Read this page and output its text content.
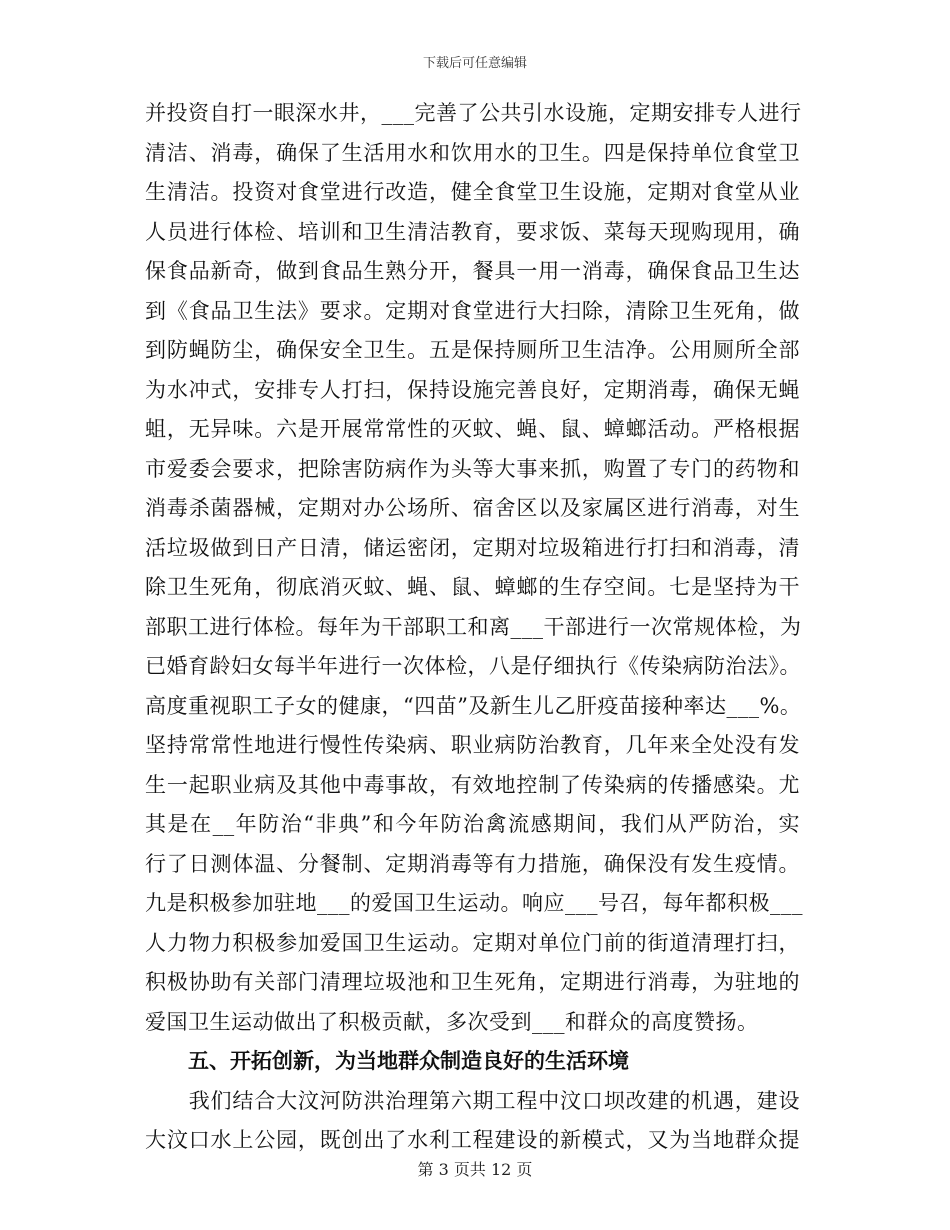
下载后可任意编辑
并投资自打一眼深水井，___完善了公共引水设施，定期安排专人进行
清洁、消毒，确保了生活用水和饮用水的卫生。四是保持单位食堂卫
生清洁。投资对食堂进行改造，健全食堂卫生设施，定期对食堂从业
人员进行体检、培训和卫生清洁教育，要求饭、菜每天现购现用，确
保食品新奇，做到食品生熟分开，餐具一用一消毒，确保食品卫生达
到《食品卫生法》要求。定期对食堂进行大扫除，清除卫生死角，做
到防蝇防尘，确保安全卫生。五是保持厕所卫生洁净。公用厕所全部
为水冲式，安排专人打扫，保持设施完善良好，定期消毒，确保无蝇
蛆，无异味。六是开展常常性的灭蚊、蝇、鼠、蟑螂活动。严格根据
市爱委会要求，把除害防病作为头等大事来抓，购置了专门的药物和
消毒杀菌器械，定期对办公场所、宿舍区以及家属区进行消毒，对生
活垃圾做到日产日清，储运密闭，定期对垃圾箱进行打扫和消毒，清
除卫生死角，彻底消灭蚊、蝇、鼠、蟑螂的生存空间。七是坚持为干
部职工进行体检。每年为干部职工和离___干部进行一次常规体检，为
已婚育龄妇女每半年进行一次体检，八是仔细执行《传染病防治法》。
高度重视职工子女的健康，“四苗”及新生儿乙肝疫苗接种率达___%。
坚持常常性地进行慢性传染病、职业病防治教育，几年来全处没有发
生一起职业病及其他中毒事故，有效地控制了传染病的传播感染。尤
其是在__年防治“非典”和今年防治禽流感期间，我们从严防治，实
行了日测体温、分餐制、定期消毒等有力措施，确保没有发生疫情。
九是积极参加驻地___的爱国卫生运动。响应___号召，每年都积极___
人力物力积极参加爱国卫生运动。定期对单位门前的街道清理打扫，
积极协助有关部门清理垃圾池和卫生死角，定期进行消毒，为驻地的
爱国卫生运动做出了积极贡献，多次受到___和群众的高度赞扬。
五、开拓创新，为当地群众制造良好的生活环境
　　我们结合大汶河防洪治理第六期工程中汶口坝改建的机遇，建设
大汶口水上公园，既创出了水利工程建设的新模式，又为当地群众提
第 3 页共 12 页
